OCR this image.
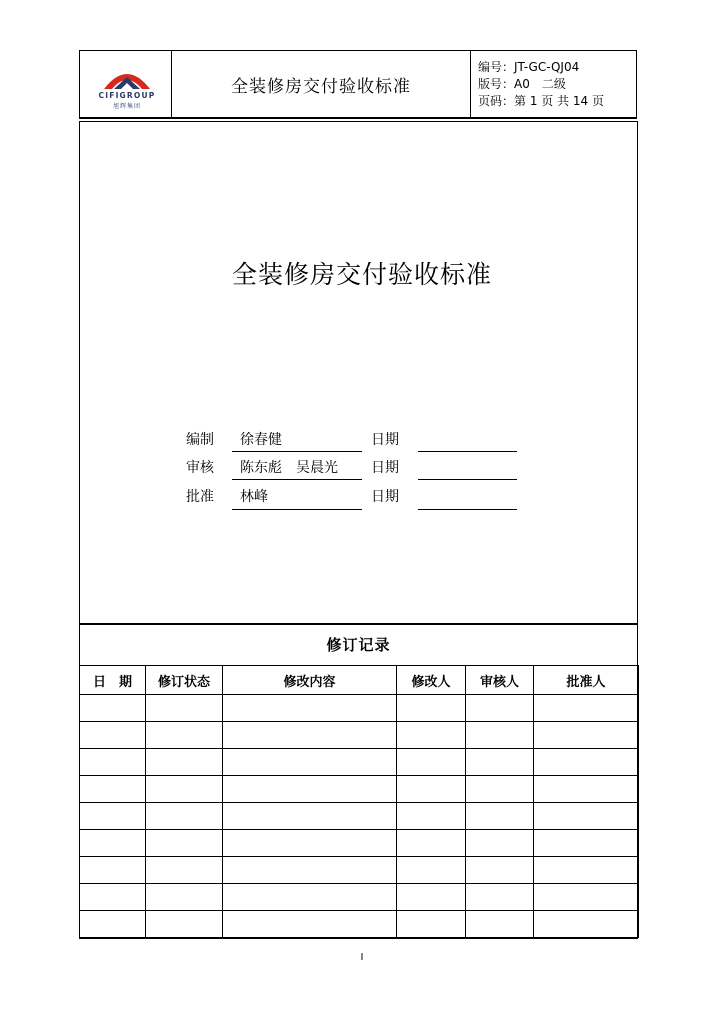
CIFIGROUP
旭辉集团
全装修房交付验收标准
编号：JT-GC-QJ04
版号：A0　二级
页码：第 1 页 共 14 页
全装修房交付验收标准
编制 徐春健	日期
审核 陈东彪　吴晨光 日期
批准 林峰	日期
修订记录
日　期	修订状态	修改内容	修改人	审核人	批准人

I
